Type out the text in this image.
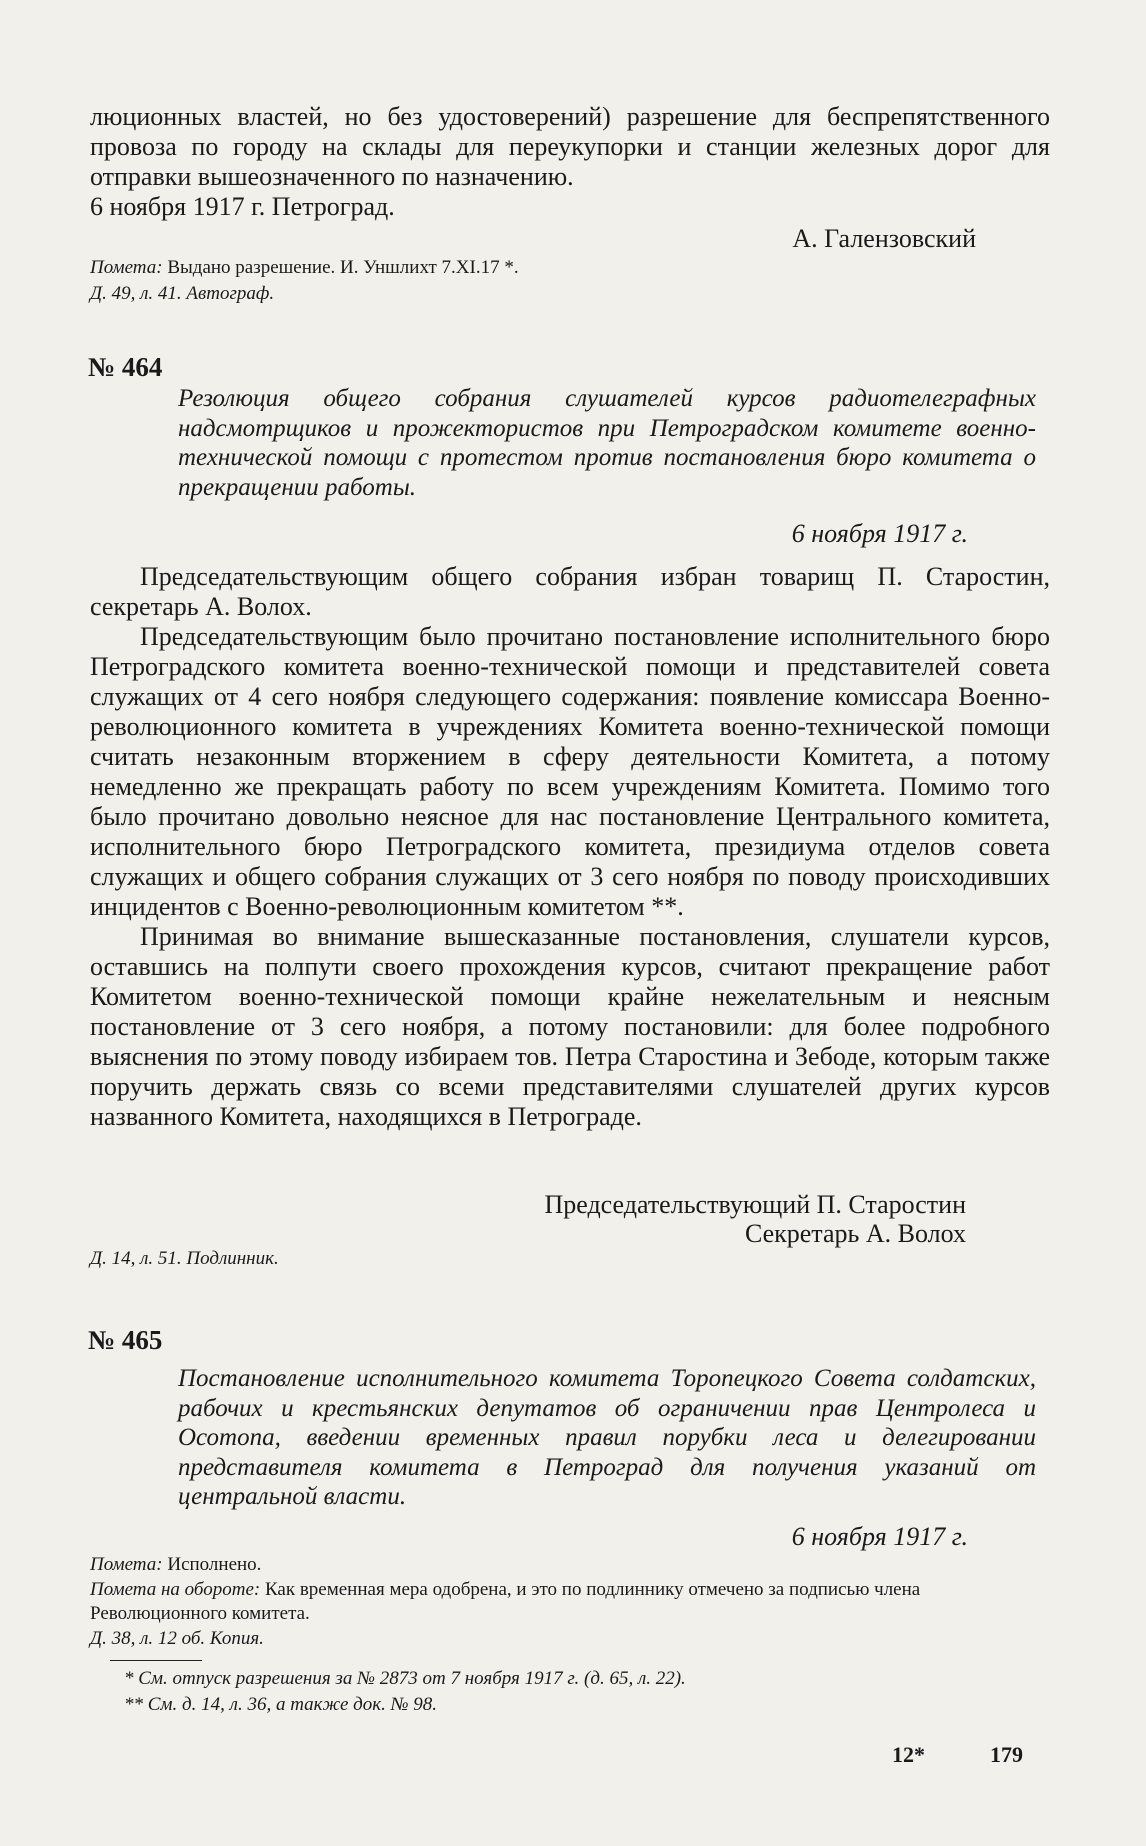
люционных властей, но без удостоверений) разрешение для беспрепятственного провоза по городу на склады для переукупорки и станции железных дорог для отправки вышеозначенного по назначению.

6 ноября 1917 г. Петроград.

А. Галензовский
Помета: Выдано разрешение. И. Уншлихт 7.XI.17 *.
Д. 49, л. 41. Автограф.
№ 464
Резолюция общего собрания слушателей курсов радиотелеграфных надсмотрщиков и прожектористов при Петроградском комитете военно-технической помощи с протестом против постановления бюро комитета о прекращении работы.
6 ноября 1917 г.

Председательствующим общего собрания избран товарищ П. Старостин, секретарь А. Волох.

Председательствующим было прочитано постановление исполнительного бюро Петроградского комитета военно-технической помощи и представителей совета служащих от 4 сего ноября следующего содержания: появление комиссара Военно-революционного комитета в учреждениях Комитета военно-технической помощи считать незаконным вторжением в сферу деятельности Комитета, а потому немедленно же прекращать работу по всем учреждениям Комитета. Помимо того было прочитано довольно неясное для нас постановление Центрального комитета, исполнительного бюро Петроградского комитета, президиума отделов совета служащих и общего собрания служащих от 3 сего ноября по поводу происходивших инцидентов с Военно-революционным комитетом **.

Принимая во внимание вышесказанные постановления, слушатели курсов, оставшись на полпути своего прохождения курсов, считают прекращение работ Комитетом военно-технической помощи крайне нежелательным и неясным постановление от 3 сего ноября, а потому постановили: для более подробного выяснения по этому поводу избираем тов. Петра Старостина и Зебоде, которым также поручить держать связь со всеми представителями слушателей других курсов названного Комитета, находящихся в Петрограде.

Председательствующий П. Старостин
Секретарь А. Волох
Д. 14, л. 51. Подлинник.
№ 465
Постановление исполнительного комитета Торопецкого Совета солдатских, рабочих и крестьянских депутатов об ограничении прав Центролеса и Осотопа, введении временных правил порубки леса и делегировании представителя комитета в Петроград для получения указаний от центральной власти.
6 ноября 1917 г.
Помета: Исполнено.
Помета на обороте: Как временная мера одобрена, и это по подлиннику отмечено за подписью члена Революционного комитета.
Д. 38, л. 12 об. Копия.
* См. отпуск разрешения за № 2873 от 7 ноября 1917 г. (д. 65, л. 22).
** См. д. 14, л. 36, а также док. № 98.
12*	179
